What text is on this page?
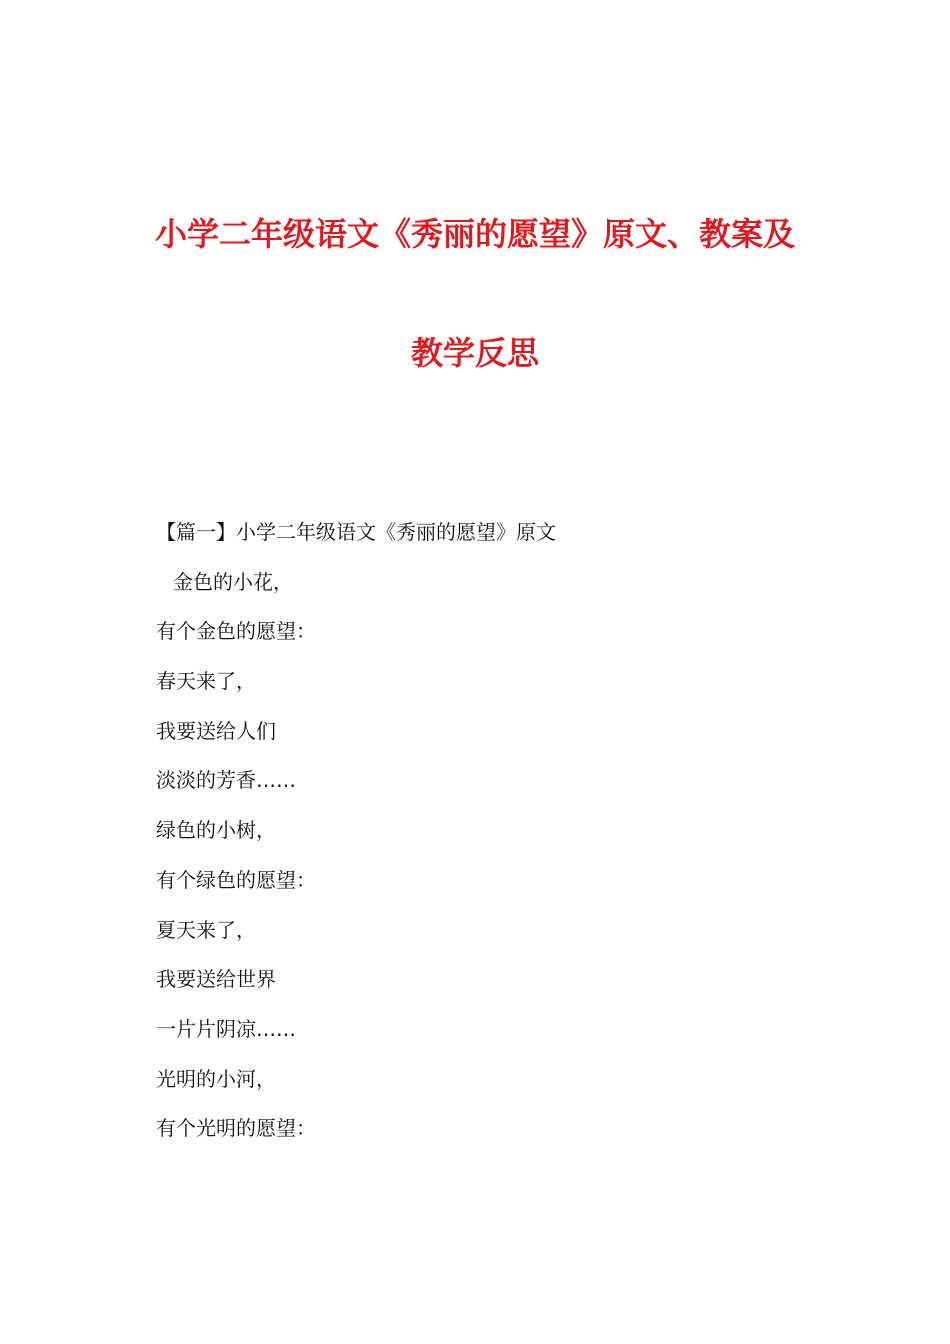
小学二年级语文《秀丽的愿望》原文、教案及
教学反思
【篇一】小学二年级语文《秀丽的愿望》原文
金色的小花，
有个金色的愿望：
春天来了，
我要送给人们
淡淡的芳香……
绿色的小树，
有个绿色的愿望：
夏天来了，
我要送给世界
一片片阴凉……
光明的小河，
有个光明的愿望：
